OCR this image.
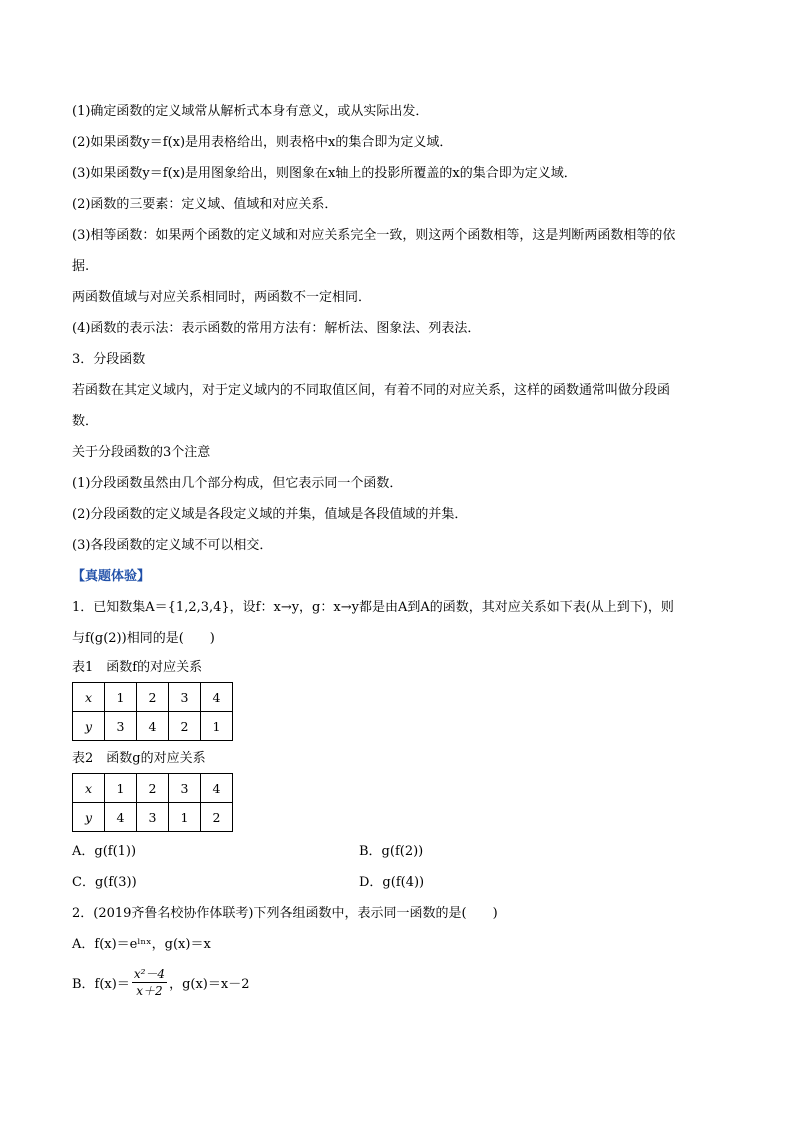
(1)确定函数的定义域常从解析式本身有意义，或从实际出发．
(2)如果函数y＝f(x)是用表格给出，则表格中x的集合即为定义域．
(3)如果函数y＝f(x)是用图象给出，则图象在x轴上的投影所覆盖的x的集合即为定义域．
(2)函数的三要素：定义域、值域和对应关系．
(3)相等函数：如果两个函数的定义域和对应关系完全一致，则这两个函数相等，这是判断两函数相等的依
据.
两函数值域与对应关系相同时，两函数不一定相同．
(4)函数的表示法：表示函数的常用方法有：解析法、图象法、列表法．
3．分段函数
若函数在其定义域内，对于定义域内的不同取值区间，有着不同的对应关系，这样的函数通常叫做分段函
数．
关于分段函数的3个注意
(1)分段函数虽然由几个部分构成，但它表示同一个函数．
(2)分段函数的定义域是各段定义域的并集，值域是各段值域的并集．
(3)各段函数的定义域不可以相交．
【真题体验】
1．已知数集A＝{1,2,3,4}，设f：x→y，g：x→y都是由A到A的函数，其对应关系如下表(从上到下)，则
与f(g(2))相同的是(　　)
表1　函数f的对应关系
x	1	2	3	4
y	3	4	2	1
表2　函数g的对应关系
x	1	2	3	4
y	4	3	1	2
A．g(f(1))	B．g(f(2))
C．g(f(3))	D．g(f(4))
2．(2019齐鲁名校协作体联考)下列各组函数中，表示同一函数的是(　　)
A．f(x)＝eˡⁿˣ，g(x)＝x
B．$f(x)= \frac{\text{x²－4}}{x+2}$ ，g(x)＝x－2
